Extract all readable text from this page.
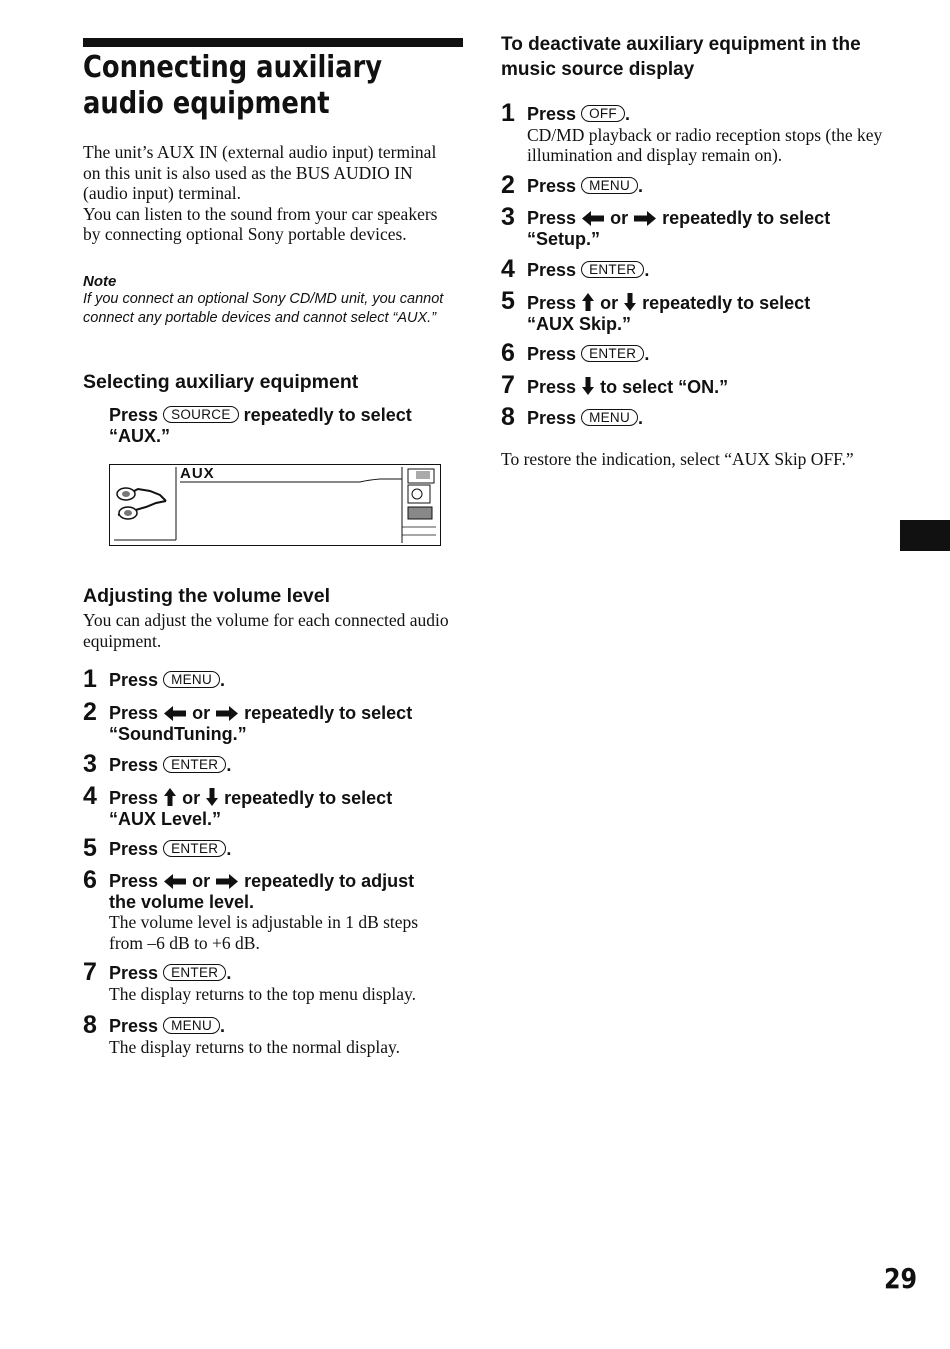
Connecting auxiliary audio equipment

The unit’s AUX IN (external audio input) terminal on this unit is also used as the BUS AUDIO IN (audio input) terminal.

You can listen to the sound from your car speakers by connecting optional Sony portable devices.

Note

If you connect an optional Sony CD/MD unit, you cannot connect any portable devices and cannot select “AUX.”

Selecting auxiliary equipment

Press SOURCE repeatedly to select
“AUX.”

Adjusting the volume level

You can adjust the volume for each connected audio equipment.

1 Press MENU .

2 Press or repeatedly to select
“SoundTuning.”

3 Press ENTER .

4 Press or repeatedly to select
“AUX Level.”

5 Press ENTER .

6 Press or repeatedly to adjust
the volume level.

The volume level is adjustable in 1 dB steps from –6 dB to +6 dB.

7 Press ENTER .

The display returns to the top menu display.

8 Press MENU .

The display returns to the normal display.

AUX
To deactivate auxiliary equipment in the music source display
1 Press OFF .

CD/MD playback or radio reception stops (the key illumination and display remain on).

2 Press MENU .

3 Press or repeatedly to select
“Setup.”

4 Press ENTER .

5 Press or repeatedly to select
“AUX Skip.”

6 Press ENTER .

7 Press to select “ON.”

8 Press MENU .

To restore the indication, select “AUX Skip OFF.”

29
